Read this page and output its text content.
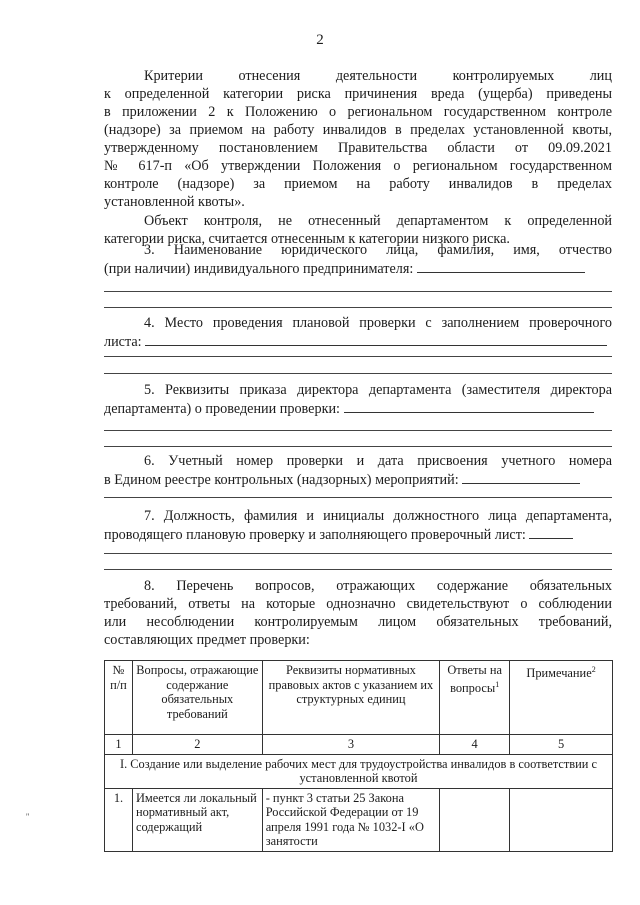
2
Критерии отнесения деятельности контролируемых лиц
к определенной категории риска причинения вреда (ущерба) приведены
в приложении 2 к Положению о региональном государственном контроле
(надзоре) за приемом на работу инвалидов в пределах установленной квоты,
утвержденному постановлением Правительства области от 09.09.2021
№ 617-п «Об утверждении Положения о региональном государственном
контроле (надзоре) за приемом на работу инвалидов в пределах
установленной квоты».
Объект контроля, не отнесенный департаментом к определенной
категории риска, считается отнесенным к категории низкого риска.
3. Наименование юридического лица, фамилия, имя, отчество
(при наличии) индивидуального предпринимателя:
4. Место проведения плановой проверки с заполнением проверочного
листа:
5. Реквизиты приказа директора департамента (заместителя директора
департамента) о проведении проверки:
6. Учетный номер проверки и дата присвоения учетного номера
в Едином реестре контрольных (надзорных) мероприятий:
7. Должность, фамилия и инициалы должностного лица департамента,
проводящего плановую проверку и заполняющего проверочный лист:
8. Перечень вопросов, отражающих содержание обязательных
требований, ответы на которые однозначно свидетельствуют о соблюдении
или несоблюдении контролируемым лицом обязательных требований,
составляющих предмет проверки:
№ п/п	Вопросы, отражающие содержание обязательных требований	Реквизиты нормативных правовых актов с указанием их структурных единиц	Ответы на вопросы$^1$	Примечание$^2$
1	2	3	4	5
I. Создание или выделение рабочих мест для трудоустройства инвалидов в соответствии с установленной квотой				
1.	Имеется ли локальный нормативный акт, содержащий	- пункт 3 статьи 25 Закона Российской Федерации от 19 апреля 1991 года № 1032-I «О занятости		
''
